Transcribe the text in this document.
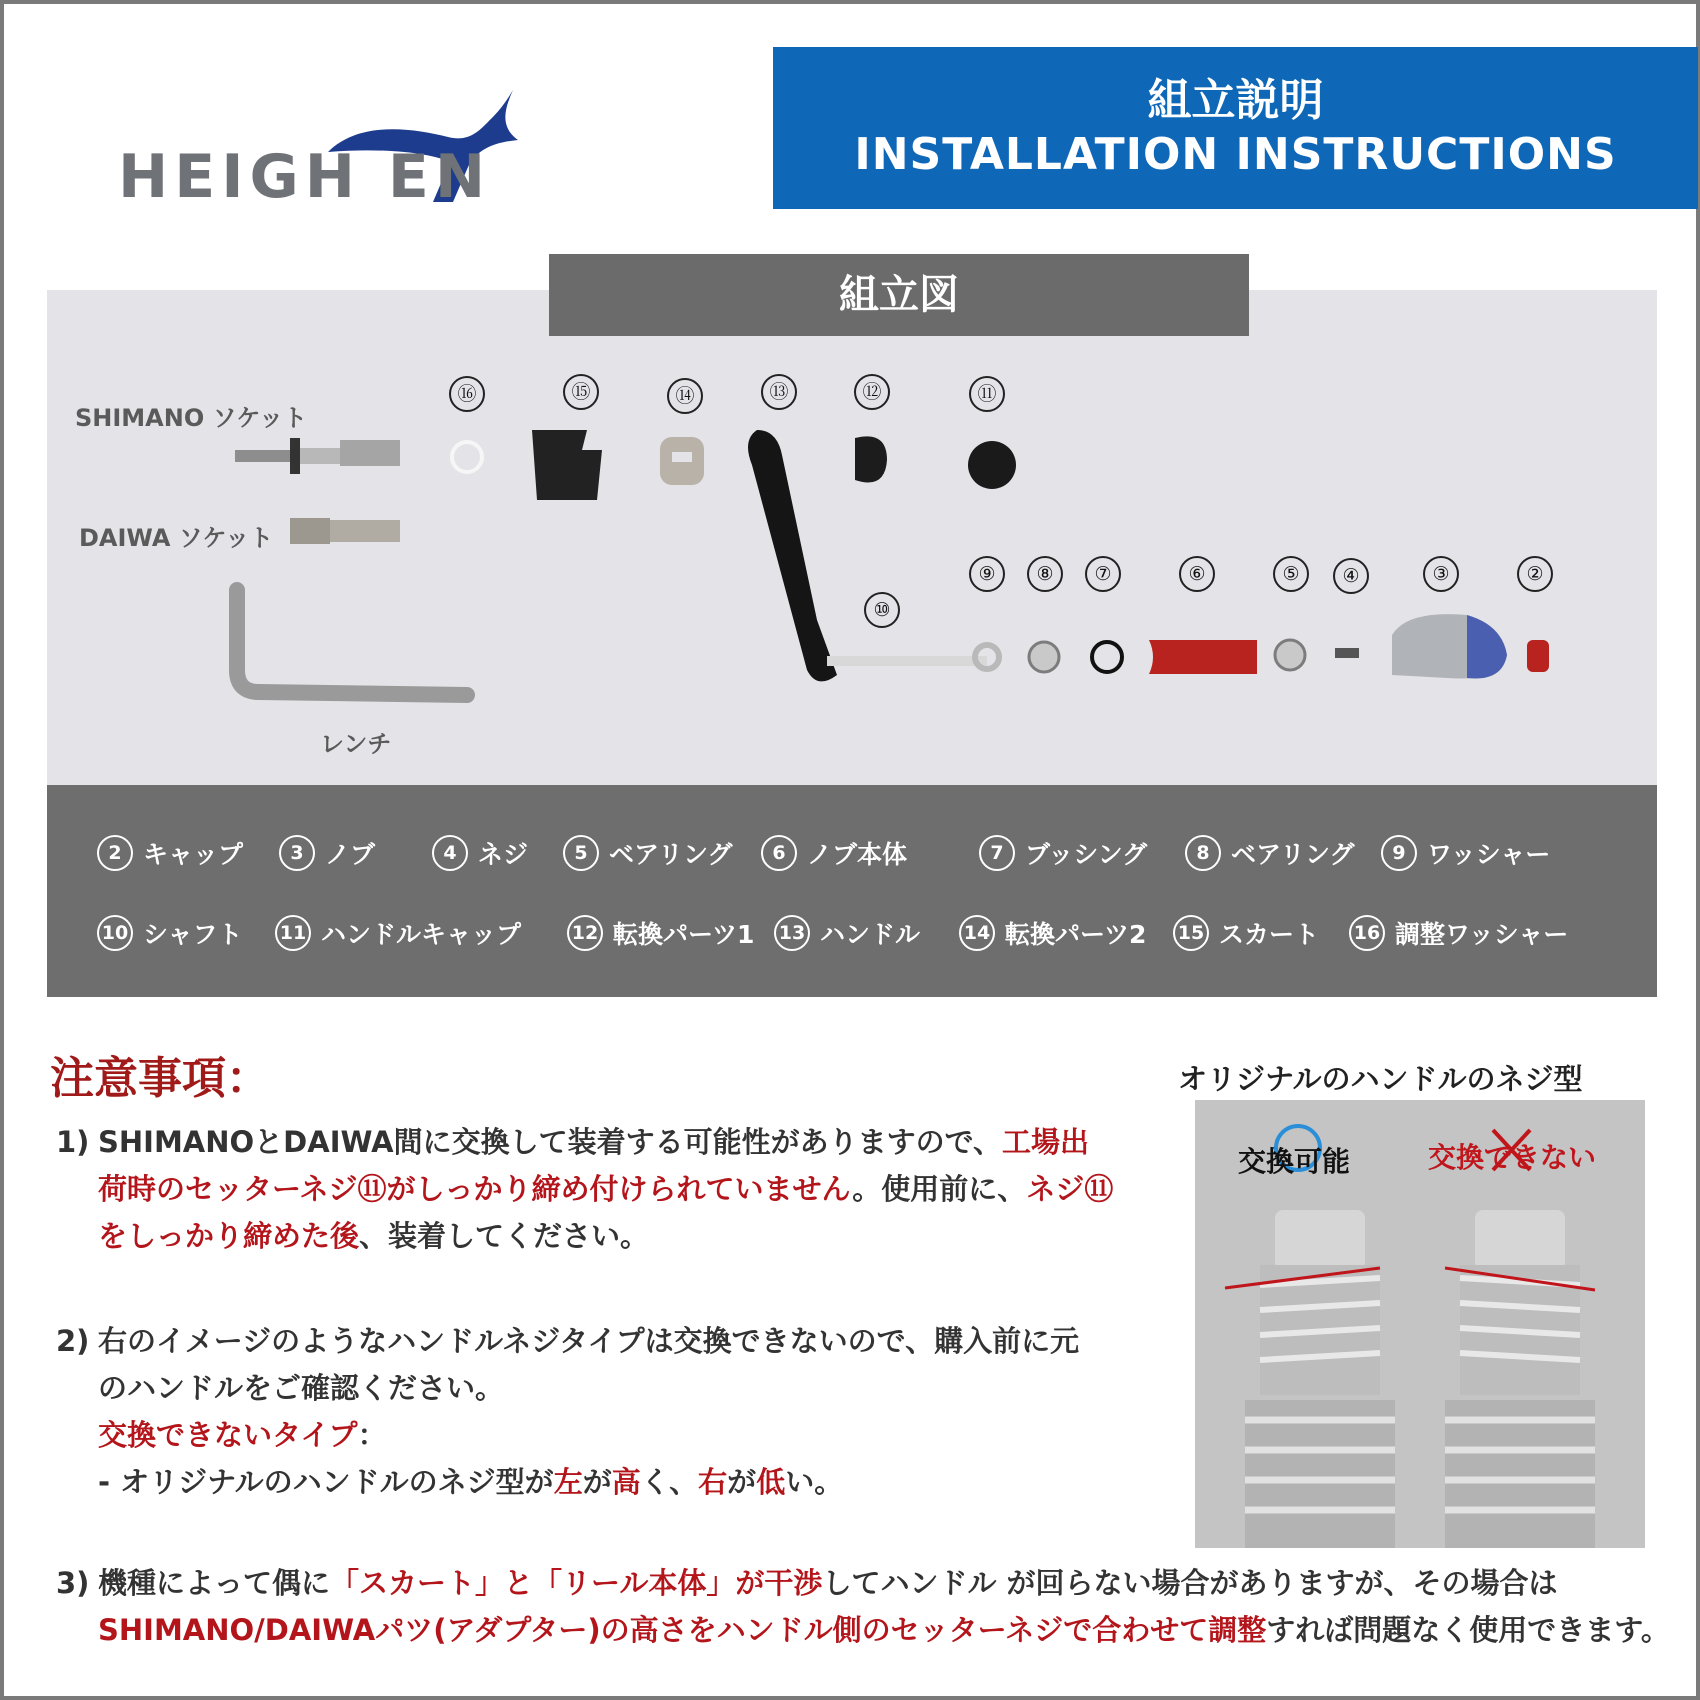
HEIGH EN
組立説明
INSTALLATION INSTRUCTIONS
SHIMANO ソケット
DAIWA ソケット
レンチ
⑯	⑮	⑭	⑬	⑫	⑪
⑩
⑨	⑧	⑦	⑥	⑤	④	③	②
組立図
2 キャップ	3 ノブ	4 ネジ	5 ベアリング	6 ノブ本体	7 ブッシング	8 ベアリング	9 ワッシャー
10 シャフト 11 ハンドルキャップ	12 転換パーツ1 13 ハンドル 14 転換パーツ2 15 スカート 16 調整ワッシャー
注意事項：
1) SHIMANOとDAIWA間に交換して装着する可能性がありますので、工場出荷時のセッターネジ⑪がしっかり締め付けられていません。使用前に、ネジ⑪をしっかり締めた後、装着してください。
2) 右のイメージのようなハンドルネジタイプは交換できないので、購入前に元のハンドルをご確認ください。
交換できないタイプ：
- オリジナルのハンドルのネジ型が左が高く、右が低い。
3) 機種によって偶に「スカート」と「リール本体」が干渉してハンドル が回らない場合がありますが、その場合は
SHIMANO/DAIWAパツ(アダプター)の高さをハンドル側のセッターネジで合わせて調整すれば問題なく使用できます。
オリジナルのハンドルのネジ型
交換可能	交換できない
